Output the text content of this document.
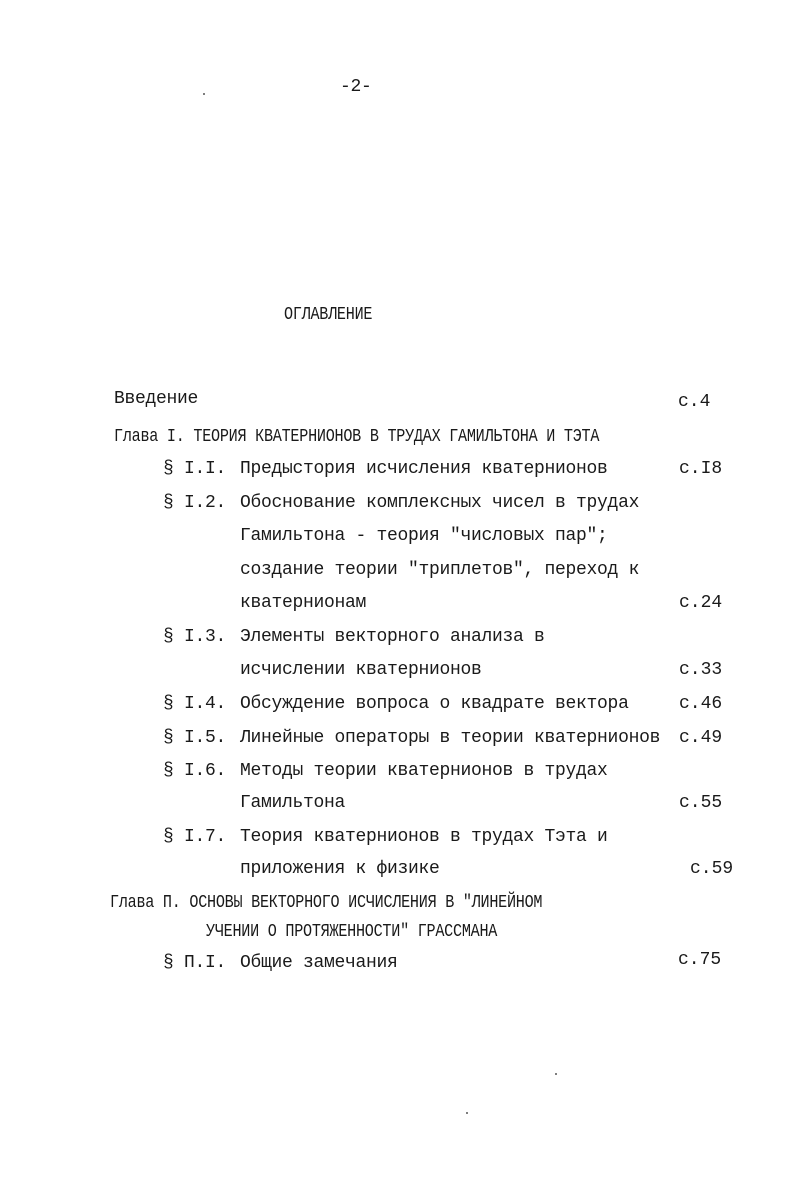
-2-
ОГЛАВЛЕНИЕ
Введение	с.4
Глава I. ТЕОРИЯ КВАТЕРНИОНОВ В ТРУДАХ ГАМИЛЬТОНА И ТЭТА
§ I.I. Предыстория исчисления кватернионов	с.I8
§ I.2. Обоснование комплексных чисел в трудах
Гамильтона - теория "числовых пар";
создание теории "триплетов", переход к
кватернионам	с.24
§ I.3. Элементы векторного анализа в
исчислении кватернионов	с.33
§ I.4. Обсуждение вопроса о квадрате вектора	с.46
§ I.5. Линейные операторы в теории кватернионов с.49
§ I.6. Методы теории кватернионов в трудах
Гамильтона	с.55
§ I.7. Теория кватернионов в трудах Тэта и
приложения к физике	с.59
Глава П. ОСНОВЫ ВЕКТОРНОГО ИСЧИСЛЕНИЯ В "ЛИНЕЙНОМ
УЧЕНИИ О ПРОТЯЖЕННОСТИ" ГРАССМАНА
§ П.I. Общие замечания	с.75
